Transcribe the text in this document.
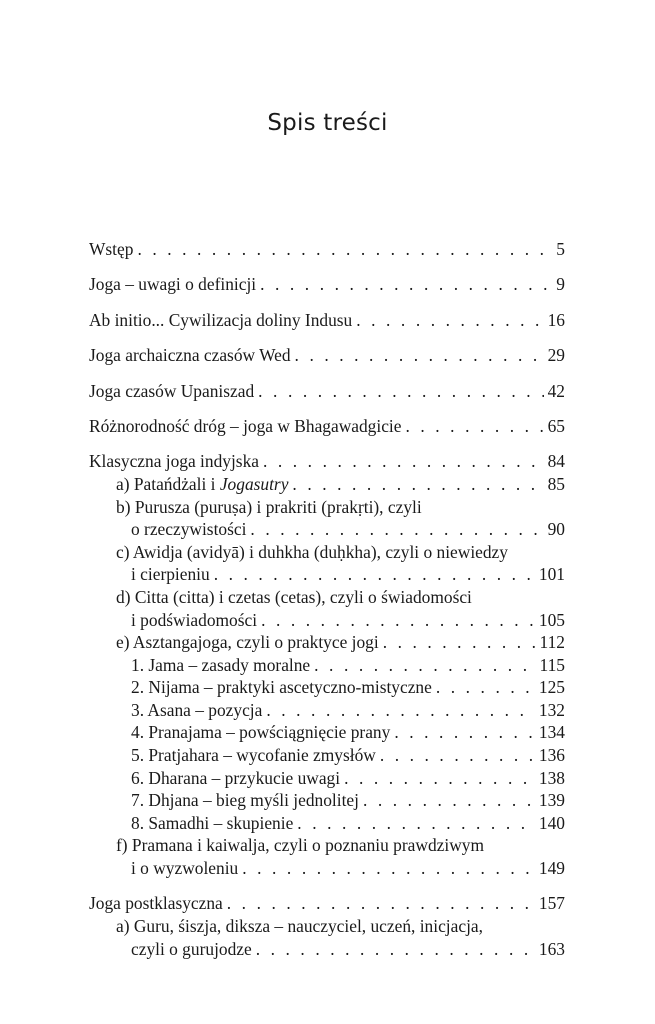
Spis treści
Wstęp . . .	5
Joga – uwagi o definicji . . .	9
Ab initio... Cywilizacja doliny Indusu . . .	16
Joga archaiczna czasów Wed . . .	29
Joga czasów Upaniszad . . .	42
Różnorodność dróg – joga w Bhagawadgicie . . .	65
Klasyczna joga indyjska . . .	84
a) Patańdżali i Jogasutry . . .	85
b) Purusza (puruṣa) i prakriti (prakṛti), czyli
o rzeczywistości . . .	90
c) Awidja (avidyā) i duhkha (duḥkha), czyli o niewiedzy
i cierpieniu . . .	101
d) Citta (citta) i czetas (cetas), czyli o świadomości
i podświadomości . . .	105
e) Asztangajoga, czyli o praktyce jogi . . .	112
1. Jama – zasady moralne . . .	115
2. Nijama – praktyki ascetyczno-mistyczne . . .	125
3. Asana – pozycja . . .	132
4. Pranajama – powściągnięcie prany . . .	134
5. Pratjahara – wycofanie zmysłów . . .	136
6. Dharana – przykucie uwagi . . .	138
7. Dhjana – bieg myśli jednolitej . . .	139
8. Samadhi – skupienie . . .	140
f) Pramana i kaiwalja, czyli o poznaniu prawdziwym
i o wyzwoleniu . . .	149
Joga postklasyczna . . .	157
a) Guru, śiszja, diksza – nauczyciel, uczeń, inicjacja,
czyli o gurujodze . . .	163
